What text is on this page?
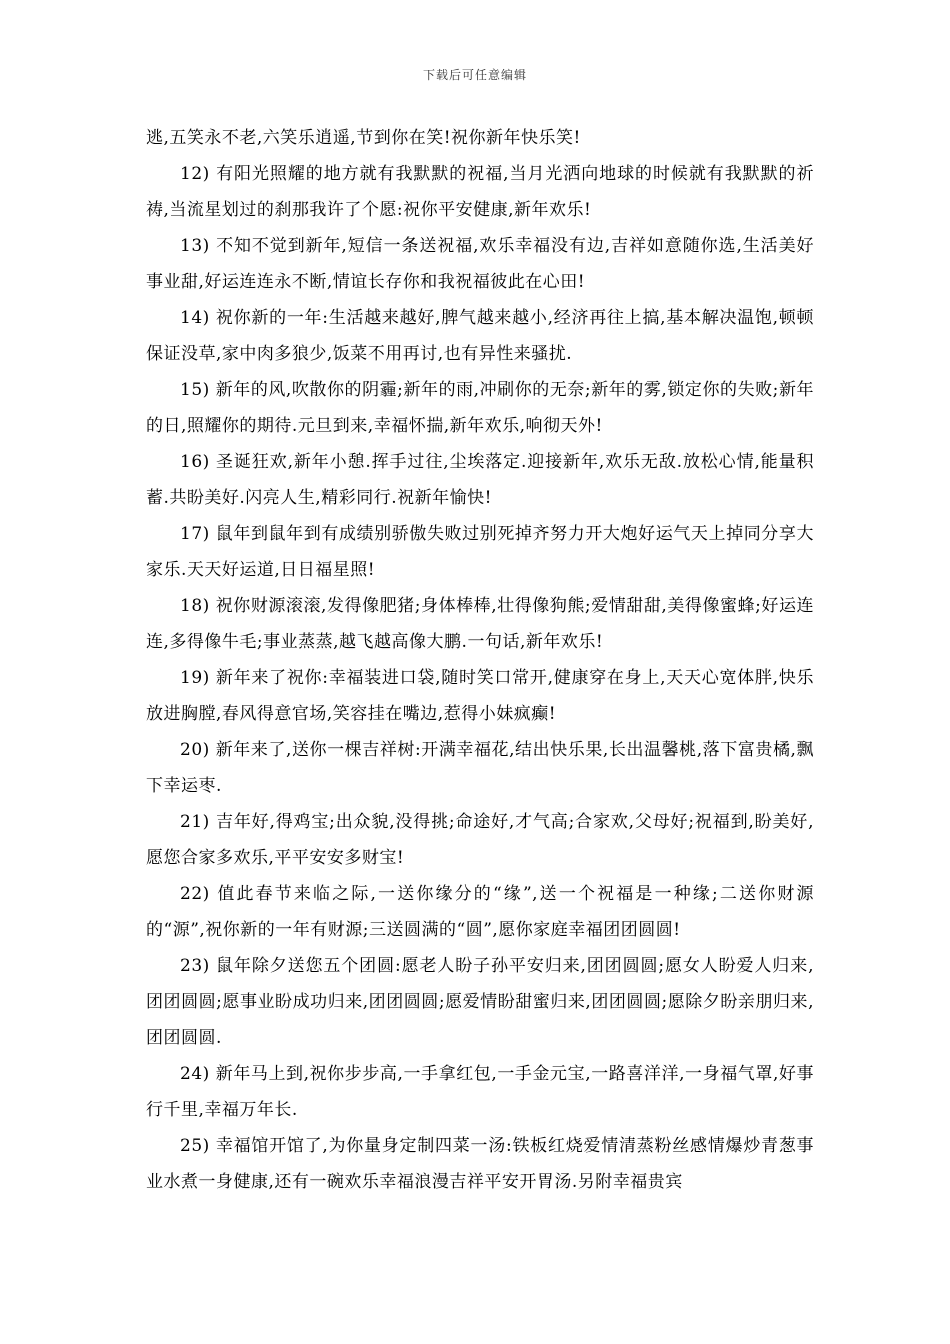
下载后可任意编辑

逃,五笑永不老,六笑乐逍遥,节到你在笑!祝你新年快乐笑!

12) 有阳光照耀的地方就有我默默的祝福,当月光洒向地球的时候就有我默默的祈祷,当流星划过的刹那我许了个愿:祝你平安健康,新年欢乐!

13) 不知不觉到新年,短信一条送祝福,欢乐幸福没有边,吉祥如意随你选,生活美好事业甜,好运连连永不断,情谊长存你和我祝福彼此在心田!

14) 祝你新的一年:生活越来越好,脾气越来越小,经济再往上搞,基本解决温饱,顿顿保证没草,家中肉多狼少,饭菜不用再讨,也有异性来骚扰.

15) 新年的风,吹散你的阴霾;新年的雨,冲刷你的无奈;新年的雾,锁定你的失败;新年的日,照耀你的期待.元旦到来,幸福怀揣,新年欢乐,响彻天外!

16) 圣诞狂欢,新年小憩.挥手过往,尘埃落定.迎接新年,欢乐无敌.放松心情,能量积蓄.共盼美好.闪亮人生,精彩同行.祝新年愉快!

17) 鼠年到鼠年到有成绩别骄傲失败过别死掉齐努力开大炮好运气天上掉同分享大家乐.天天好运道,日日福星照!

18) 祝你财源滚滚,发得像肥猪;身体棒棒,壮得像狗熊;爱情甜甜,美得像蜜蜂;好运连连,多得像牛毛;事业蒸蒸,越飞越高像大鹏.一句话,新年欢乐!

19) 新年来了祝你:幸福装进口袋,随时笑口常开,健康穿在身上,天天心宽体胖,快乐放进胸膛,春风得意官场,笑容挂在嘴边,惹得小妹疯癫!

20) 新年来了,送你一棵吉祥树:开满幸福花,结出快乐果,长出温馨桃,落下富贵橘,飘下幸运枣.

21) 吉年好,得鸡宝;出众貌,没得挑;命途好,才气高;合家欢,父母好;祝福到,盼美好,愿您合家多欢乐,平平安安多财宝!

22) 值此春节来临之际,一送你缘分的“缘”,送一个祝福是一种缘;二送你财源的“源”,祝你新的一年有财源;三送圆满的“圆”,愿你家庭幸福团团圆圆!

23) 鼠年除夕送您五个团圆:愿老人盼子孙平安归来,团团圆圆;愿女人盼爱人归来,团团圆圆;愿事业盼成功归来,团团圆圆;愿爱情盼甜蜜归来,团团圆圆;愿除夕盼亲朋归来,团团圆圆.

24) 新年马上到,祝你步步高,一手拿红包,一手金元宝,一路喜洋洋,一身福气罩,好事行千里,幸福万年长.

25) 幸福馆开馆了,为你量身定制四菜一汤:铁板红烧爱情清蒸粉丝感情爆炒青葱事业水煮一身健康,还有一碗欢乐幸福浪漫吉祥平安开胃汤.另附幸福贵宾
